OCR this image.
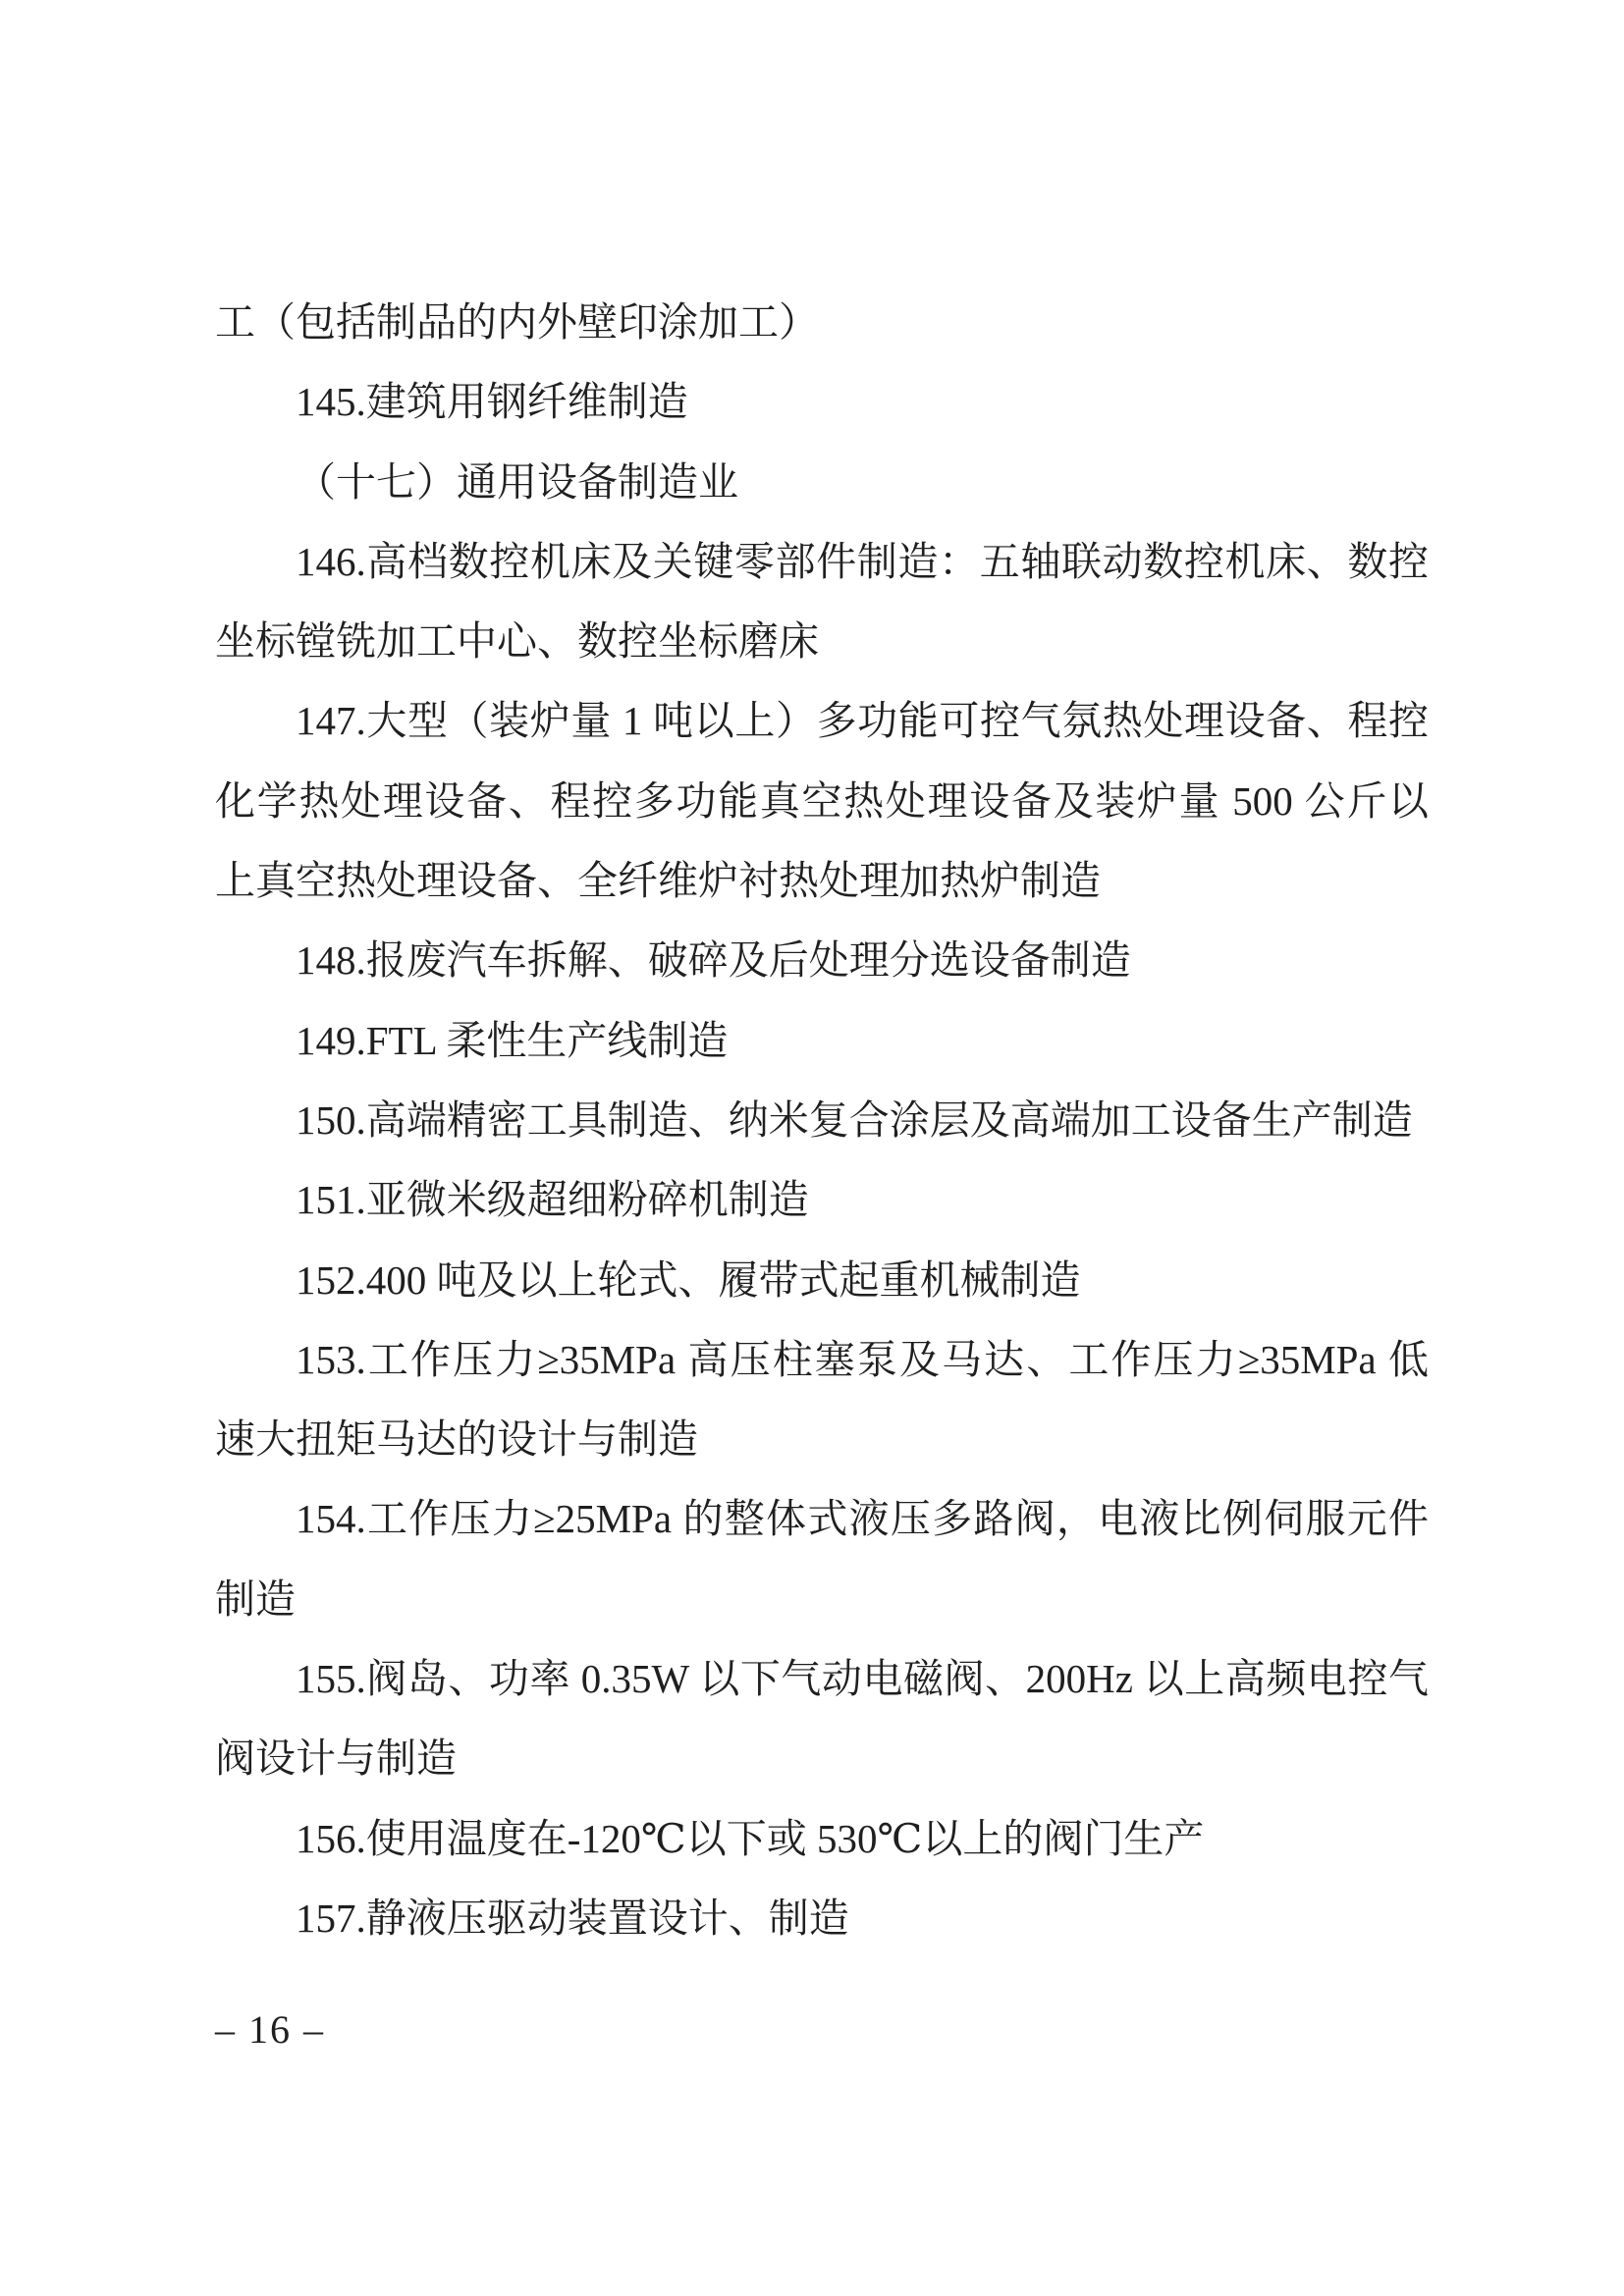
工（包括制品的内外壁印涂加工）
145.建筑用钢纤维制造
（十七）通用设备制造业
146.高档数控机床及关键零部件制造：五轴联动数控机床、数控
坐标镗铣加工中心、数控坐标磨床
147.大型（装炉量 1 吨以上）多功能可控气氛热处理设备、程控
化学热处理设备、程控多功能真空热处理设备及装炉量 500 公斤以
上真空热处理设备、全纤维炉衬热处理加热炉制造
148.报废汽车拆解、破碎及后处理分选设备制造
149.FTL 柔性生产线制造
150.高端精密工具制造、纳米复合涂层及高端加工设备生产制造
151.亚微米级超细粉碎机制造
152.400 吨及以上轮式、履带式起重机械制造
153.工作压力≥35MPa 高压柱塞泵及马达、工作压力≥35MPa 低
速大扭矩马达的设计与制造
154.工作压力≥25MPa 的整体式液压多路阀，电液比例伺服元件
制造
155.阀岛、功率 0.35W 以下气动电磁阀、200Hz 以上高频电控气
阀设计与制造
156.使用温度在-120℃以下或 530℃以上的阀门生产
157.静液压驱动装置设计、制造
– 16 –
